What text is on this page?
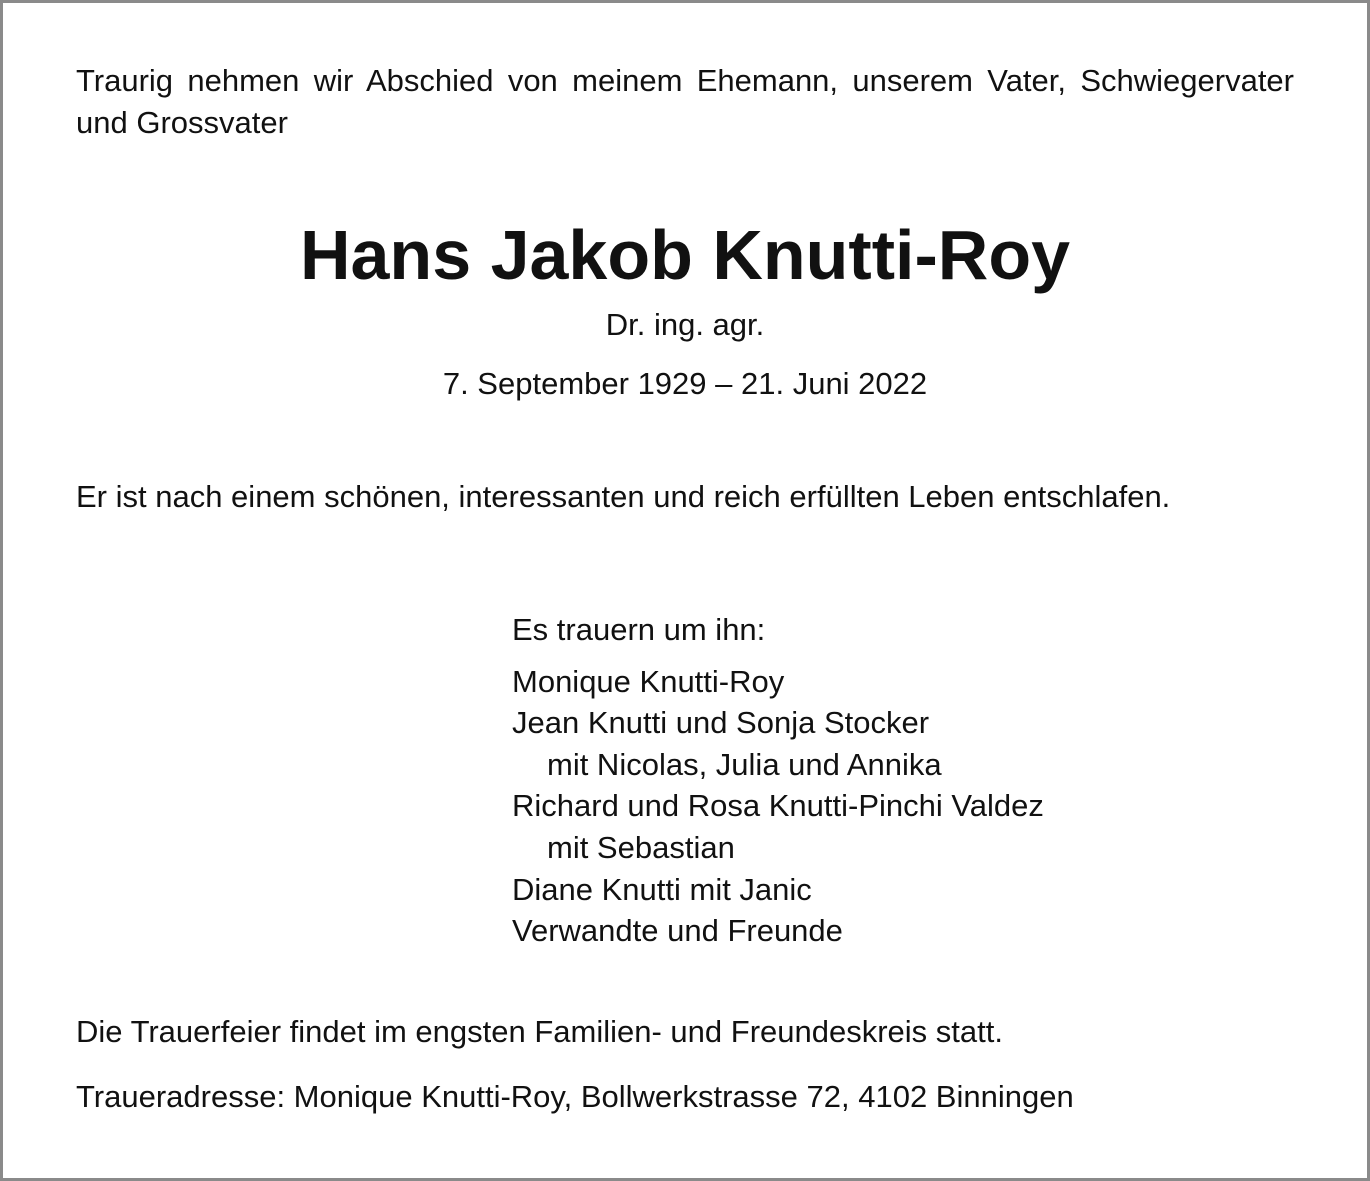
Traurig nehmen wir Abschied von meinem Ehemann, unserem Vater, Schwiegervater und Grossvater
Hans Jakob Knutti-Roy
Dr. ing. agr.
7. September 1929 – 21. Juni 2022
Er ist nach einem schönen, interessanten und reich erfüllten Leben entschlafen.
Es trauern um ihn:
Monique Knutti-Roy
Jean Knutti und Sonja Stocker
mit Nicolas, Julia und Annika
Richard und Rosa Knutti-Pinchi Valdez
mit Sebastian
Diane Knutti mit Janic
Verwandte und Freunde
Die Trauerfeier findet im engsten Familien- und Freundeskreis statt.
Traueradresse: Monique Knutti-Roy, Bollwerkstrasse 72, 4102 Binningen
